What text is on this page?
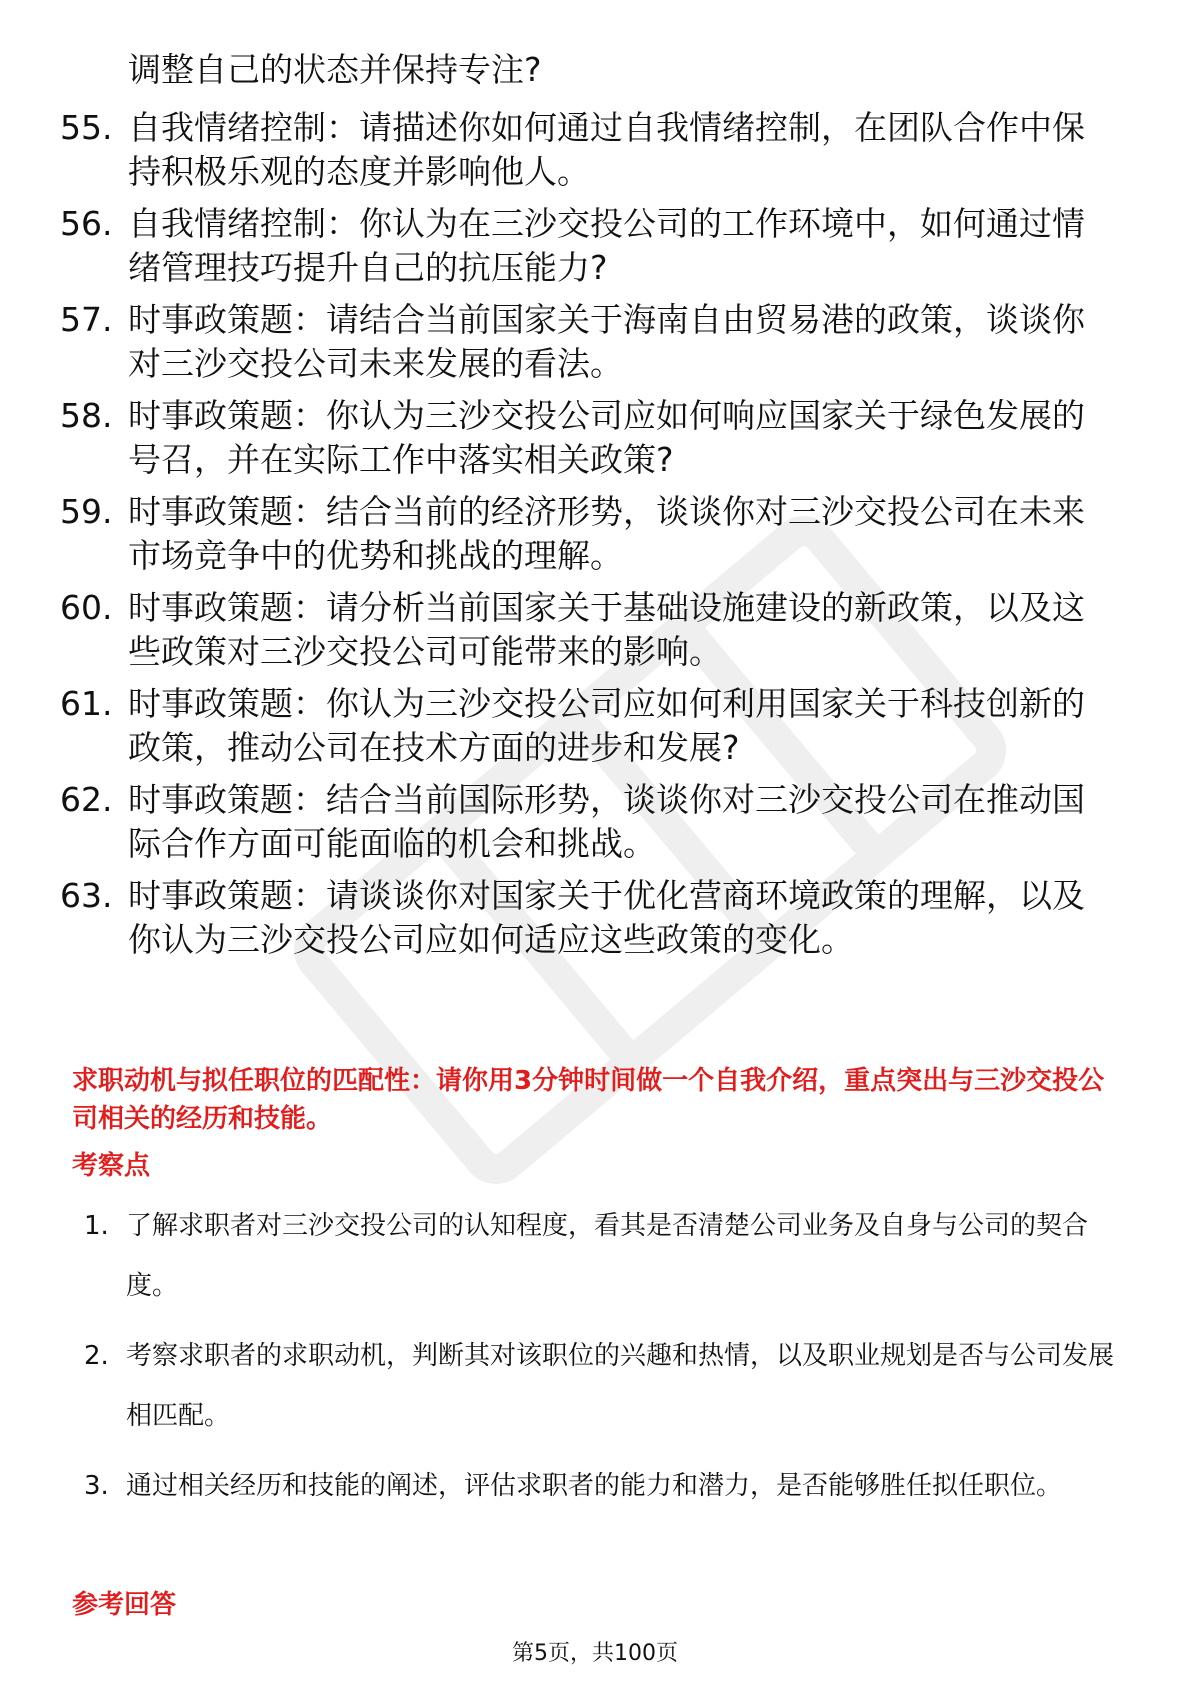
调整自己的状态并保持专注?
55. 自我情绪控制：请描述你如何通过自我情绪控制，在团队合作中保持积极乐观的态度并影响他人。
56. 自我情绪控制：你认为在三沙交投公司的工作环境中，如何通过情绪管理技巧提升自己的抗压能力?
57. 时事政策题：请结合当前国家关于海南自由贸易港的政策，谈谈你对三沙交投公司未来发展的看法。
58. 时事政策题：你认为三沙交投公司应如何响应国家关于绿色发展的号召，并在实际工作中落实相关政策?
59. 时事政策题：结合当前的经济形势，谈谈你对三沙交投公司在未来市场竞争中的优势和挑战的理解。
60. 时事政策题：请分析当前国家关于基础设施建设的新政策，以及这些政策对三沙交投公司可能带来的影响。
61. 时事政策题：你认为三沙交投公司应如何利用国家关于科技创新的政策，推动公司在技术方面的进步和发展?
62. 时事政策题：结合当前国际形势，谈谈你对三沙交投公司在推动国际合作方面可能面临的机会和挑战。
63. 时事政策题：请谈谈你对国家关于优化营商环境政策的理解，以及你认为三沙交投公司应如何适应这些政策的变化。
求职动机与拟任职位的匹配性：请你用3分钟时间做一个自我介绍，重点突出与三沙交投公司相关的经历和技能。
考察点
1. 了解求职者对三沙交投公司的认知程度，看其是否清楚公司业务及自身与公司的契合度。
2. 考察求职者的求职动机，判断其对该职位的兴趣和热情，以及职业规划是否与公司发展相匹配。
3. 通过相关经历和技能的阐述，评估求职者的能力和潜力，是否能够胜任拟任职位。
参考回答
第5页，共100页
